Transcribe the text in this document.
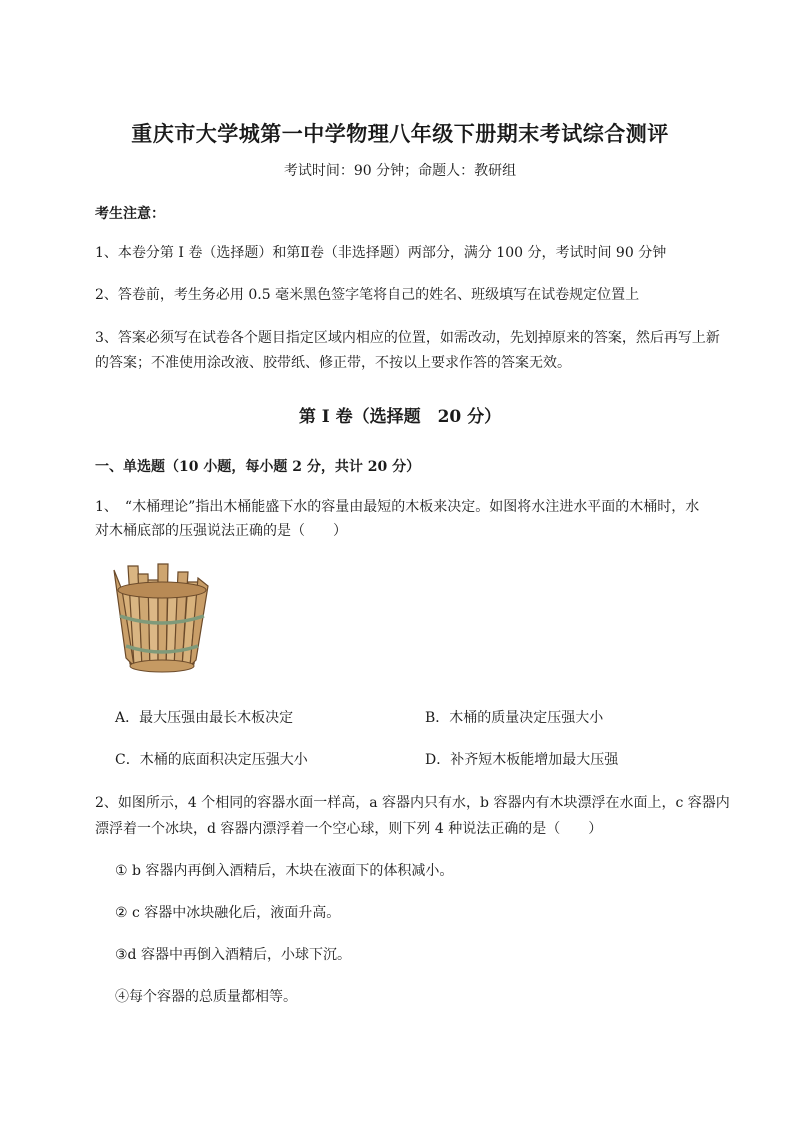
重庆市大学城第一中学物理八年级下册期末考试综合测评
考试时间：90 分钟；命题人：教研组
考生注意：
1、本卷分第 I 卷（选择题）和第Ⅱ卷（非选择题）两部分，满分 100 分，考试时间 90 分钟
2、答卷前，考生务必用 0.5 毫米黑色签字笔将自己的姓名、班级填写在试卷规定位置上
3、答案必须写在试卷各个题目指定区域内相应的位置，如需改动，先划掉原来的答案，然后再写上新
的答案；不准使用涂改液、胶带纸、修正带，不按以上要求作答的答案无效。
第 I 卷（选择题　20 分）
一、单选题（10 小题，每小题 2 分，共计 20 分）
1、　“木桶理论”指出木桶能盛下水的容量由最短的木板来决定。如图将水注进水平面的木桶时，水
对木桶底部的压强说法正确的是（　　）
A．最大压强由最长木板决定	B．木桶的质量决定压强大小
C．木桶的底面积决定压强大小	D．补齐短木板能增加最大压强
2、如图所示，4 个相同的容器水面一样高，a 容器内只有水，b 容器内有木块漂浮在水面上，c 容器内
漂浮着一个冰块，d 容器内漂浮着一个空心球，则下列 4 种说法正确的是（　　）
① b 容器内再倒入酒精后，木块在液面下的体积减小。
② c 容器中冰块融化后，液面升高。
③d 容器中再倒入酒精后，小球下沉。
④每个容器的总质量都相等。
